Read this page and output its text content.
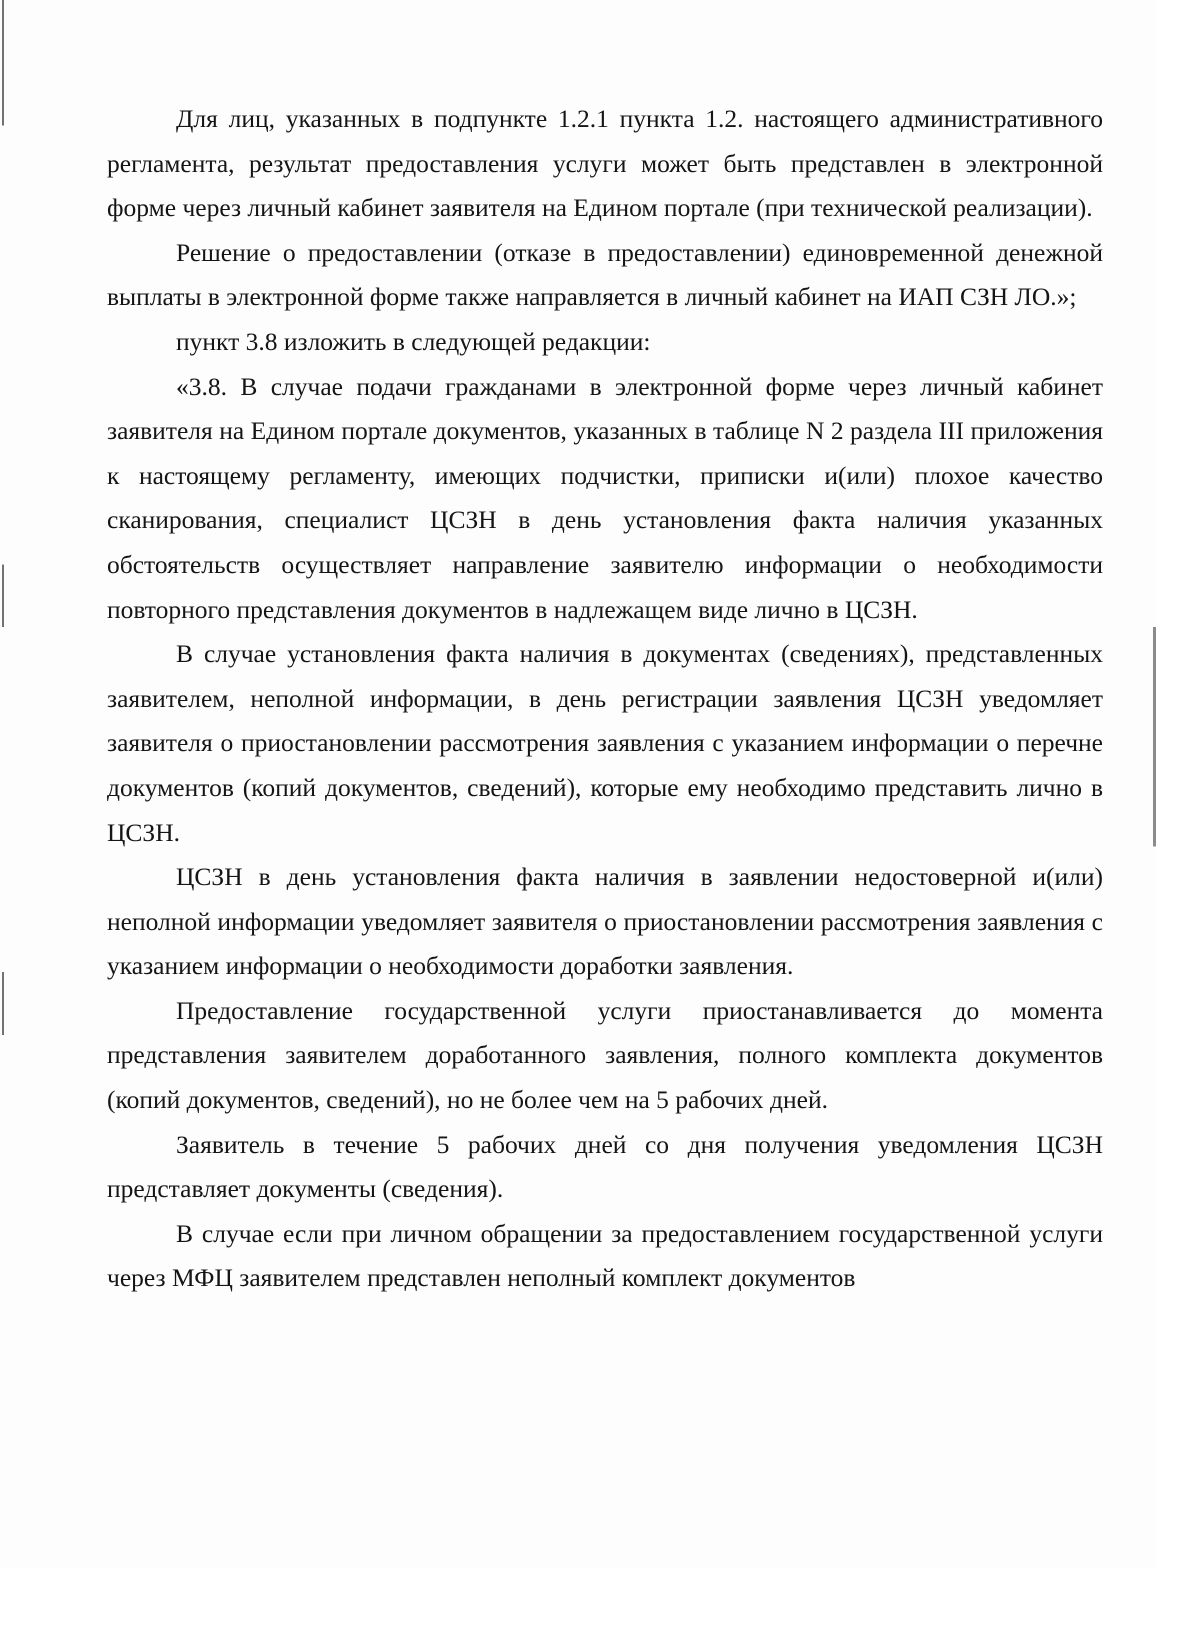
Для лиц, указанных в подпункте 1.2.1 пункта 1.2. настоящего административного регламента, результат предоставления услуги может быть представлен в электронной форме через личный кабинет заявителя на Едином портале (при технической реализации).

Решение о предоставлении (отказе в предоставлении) единовременной денежной выплаты в электронной форме также направляется в личный кабинет на ИАП СЗН ЛО.»;

пункт 3.8 изложить в следующей редакции:

«3.8. В случае подачи гражданами в электронной форме через личный кабинет заявителя на Едином портале документов, указанных в таблице N 2 раздела III приложения к настоящему регламенту, имеющих подчистки, приписки и(или) плохое качество сканирования, специалист ЦСЗН в день установления факта наличия указанных обстоятельств осуществляет направление заявителю информации о необходимости повторного представления документов в надлежащем виде лично в ЦСЗН.

В случае установления факта наличия в документах (сведениях), представленных заявителем, неполной информации, в день регистрации заявления ЦСЗН уведомляет заявителя о приостановлении рассмотрения заявления с указанием информации о перечне документов (копий документов, сведений), которые ему необходимо представить лично в ЦСЗН.

ЦСЗН в день установления факта наличия в заявлении недостоверной и(или) неполной информации уведомляет заявителя о приостановлении рассмотрения заявления с указанием информации о необходимости доработки заявления.

Предоставление государственной услуги приостанавливается до момента представления заявителем доработанного заявления, полного комплекта документов (копий документов, сведений), но не более чем на 5 рабочих дней.

Заявитель в течение 5 рабочих дней со дня получения уведомления ЦСЗН представляет документы (сведения).

В случае если при личном обращении за предоставлением государственной услуги через МФЦ заявителем представлен неполный комплект документов
